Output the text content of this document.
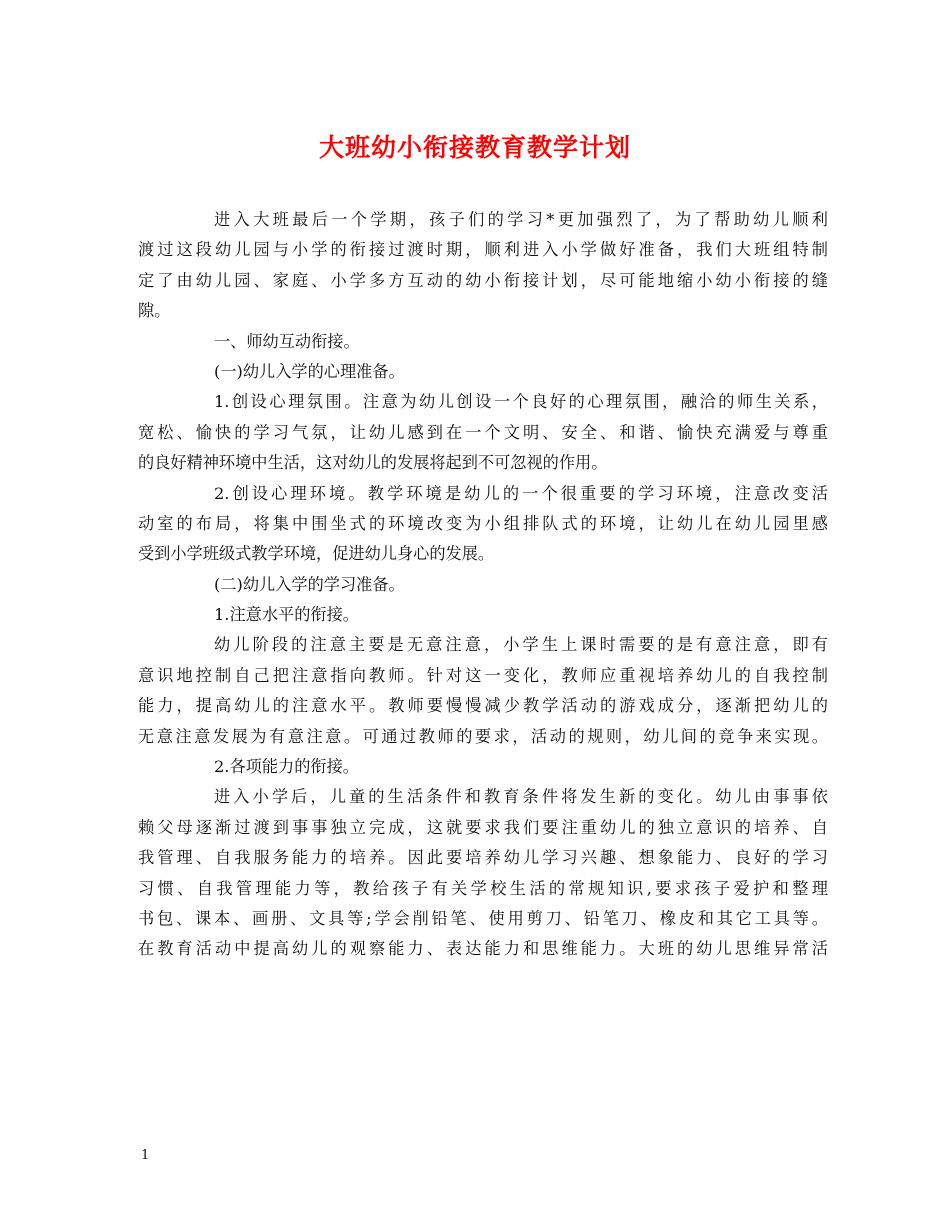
大班幼小衔接教育教学计划
进入大班最后一个学期，孩子们的学习*更加强烈了，为了帮助幼儿顺利
渡过这段幼儿园与小学的衔接过渡时期，顺利进入小学做好准备，我们大班组特制
定了由幼儿园、家庭、小学多方互动的幼小衔接计划，尽可能地缩小幼小衔接的缝
隙。
一、师幼互动衔接。
(一)幼儿入学的心理准备。
1.创设心理氛围。注意为幼儿创设一个良好的心理氛围，融洽的师生关系，
宽松、愉快的学习气氛，让幼儿感到在一个文明、安全、和谐、愉快充满爱与尊重
的良好精神环境中生活，这对幼儿的发展将起到不可忽视的作用。
2.创设心理环境。教学环境是幼儿的一个很重要的学习环境，注意改变活
动室的布局，将集中围坐式的环境改变为小组排队式的环境，让幼儿在幼儿园里感
受到小学班级式教学环境，促进幼儿身心的发展。
(二)幼儿入学的学习准备。
1.注意水平的衔接。
幼儿阶段的注意主要是无意注意，小学生上课时需要的是有意注意，即有
意识地控制自己把注意指向教师。针对这一变化，教师应重视培养幼儿的自我控制
能力，提高幼儿的注意水平。教师要慢慢减少教学活动的游戏成分，逐渐把幼儿的
无意注意发展为有意注意。可通过教师的要求，活动的规则，幼儿间的竞争来实现。
2.各项能力的衔接。
进入小学后，儿童的生活条件和教育条件将发生新的变化。幼儿由事事依
赖父母逐渐过渡到事事独立完成，这就要求我们要注重幼儿的独立意识的培养、自
我管理、自我服务能力的培养。因此要培养幼儿学习兴趣、想象能力、良好的学习
习惯、自我管理能力等，教给孩子有关学校生活的常规知识,要求孩子爱护和整理
书包、课本、画册、文具等;学会削铅笔、使用剪刀、铅笔刀、橡皮和其它工具等。
在教育活动中提高幼儿的观察能力、表达能力和思维能力。大班的幼儿思维异常活
1
